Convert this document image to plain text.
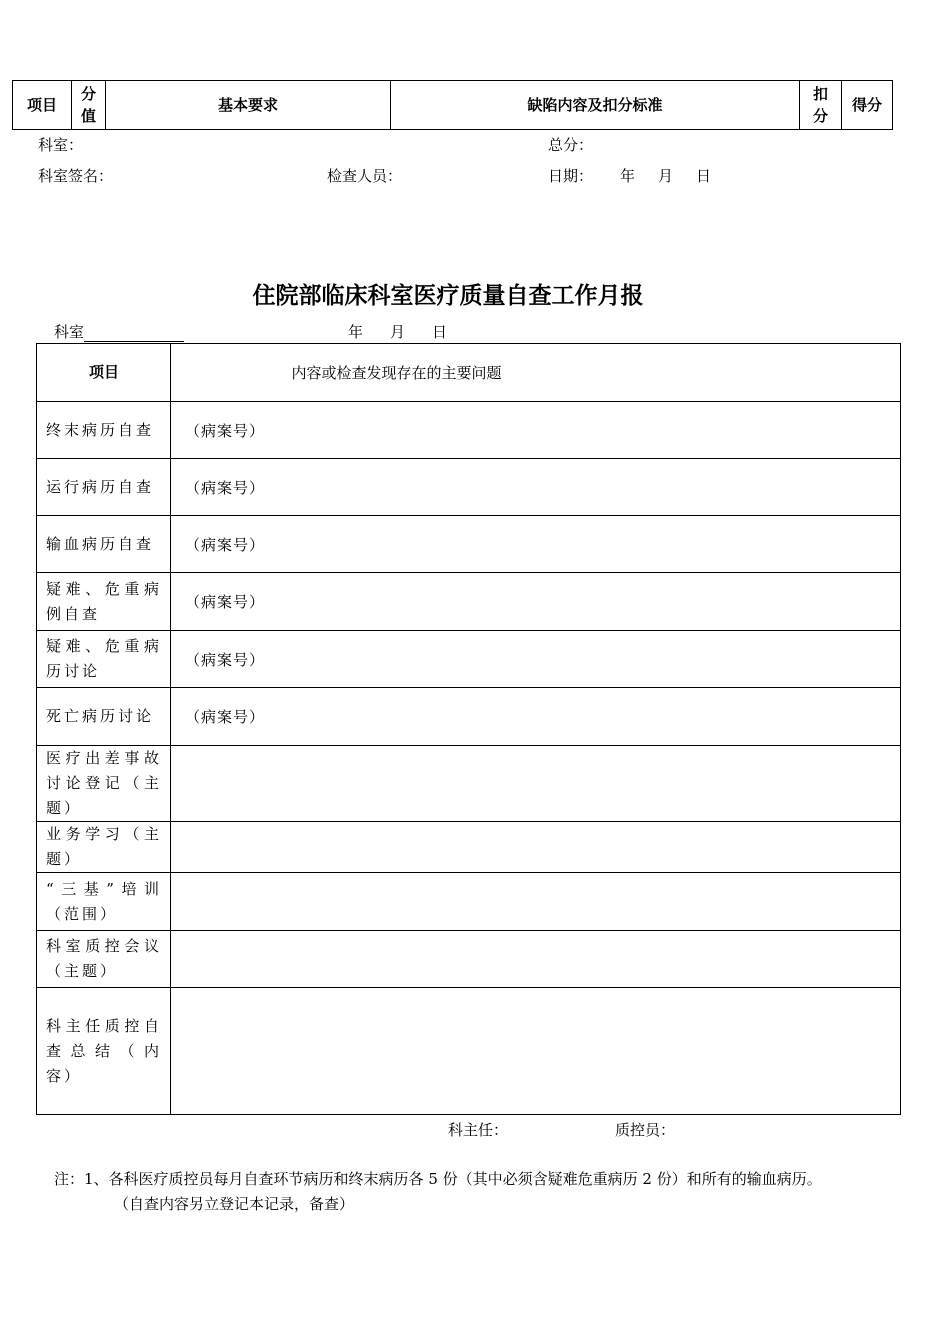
项目	分值	基本要求	缺陷内容及扣分标准	扣分	得分
科室：	总分：
科室签名：	检查人员：	日期： 年 月 日
住院部临床科室医疗质量自查工作月报
科室	年 月 日
项目	内容或检查发现存在的主要问题
终末病历自查	（病案号）
运行病历自查	（病案号）
输血病历自查	（病案号）
疑难、危重病例自查	（病案号）
疑难、危重病历讨论	（病案号）
死亡病历讨论	（病案号）
医疗出差事故讨论登记（主题）	
业务学习（主题）	
“三基”培训（范围）	
科室质控会议（主题）	
科主任质控自查总结（内容）	
科主任：	质控员：
注：1、各科医疗质控员每月自查环节病历和终末病历各 5 份（其中必须含疑难危重病历 2 份）和所有的输血病历。
（自查内容另立登记本记录，备查）
